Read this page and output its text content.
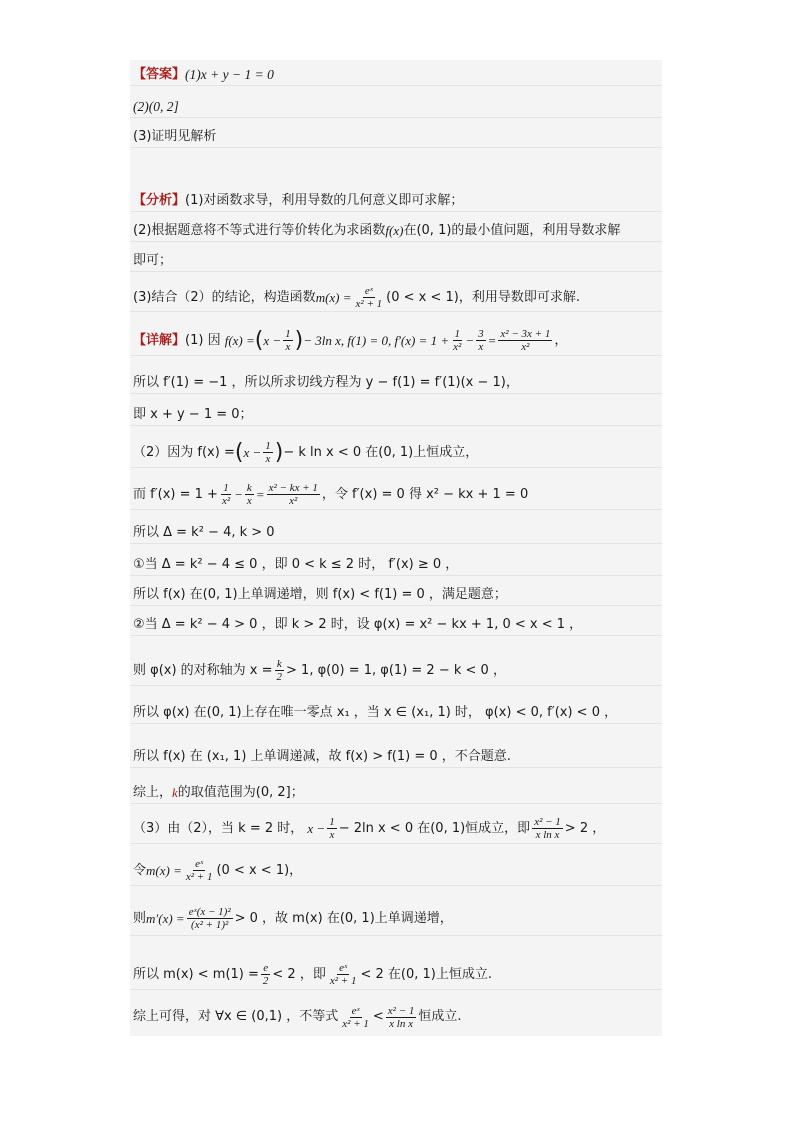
【答案】 (1)x + y − 1 = 0
(2)(0, 2]
(3)证明见解析
【分析】 (1)对函数求导，利用导数的几何意义即可求解；
(2)根据题意将不等式进行等价转化为求函数 f(x) 在(0, 1)的最小值问题，利用导数求解
即可；
(3)结合（2）的结论，构造函数 $m(x) = \frac{\text{eˣ}}{\text{x² + 1}} (0 < x < 1)$，利用导数即可求解.
【详解】 (1) 因
f(x) = ( $x - \frac{1}{x}$ ) − 3ln x, f(1) = 0, $f'(x) = 1 + \frac{1}{\text{x²}} - \frac{3}{x} = \frac{\text{x² − 3x + 1}}{\text{x²}}$ ，
所以 f′(1) = −1 ，所以所求切线方程为 y − f(1) = f′(1)(x − 1)，
即 x + y − 1 = 0；
（2）因为 f(x) = ( $x - \frac{1}{x}$ ) − k ln x < 0 在(0, 1)上恒成立，
而 $f'(x) = 1 + \frac{1}{\text{x²}} - \frac{k}{x} = \frac{\text{x² − kx + 1}}{\text{x²}}$ ，令 f′(x) = 0 得 x² − kx + 1 = 0
所以 Δ = k² − 4, k > 0
①当 Δ = k² − 4 ≤ 0 ，即 0 < k ≤ 2 时， f′(x) ≥ 0 ，
所以 f(x) 在(0, 1)上单调递增，则 f(x) < f(1) = 0 ，满足题意；
②当 Δ = k² − 4 > 0 ，即 k > 2 时，设 φ(x) = x² − kx + 1, 0 < x < 1 ，
则 φ(x) 的对称轴为 $x = \frac{k}{2} > 1$, φ(0) = 1, φ(1) = 2 − k < 0 ，
所以 φ(x) 在(0, 1)上存在唯一零点 x₁ ，当 x ∈ (x₁, 1) 时， φ(x) < 0, f′(x) < 0 ，
所以 f(x) 在 (x₁, 1) 上单调递减，故 f(x) > f(1) = 0 ，不合题意.
综上， k 的取值范围为(0, 2]；
（3）由（2），当 k = 2 时，
$x - \frac{1}{x} - 2\ln$ x < 0 在(0, 1)恒成立，即 $\frac{\text{x² − 1}}{\text{x ln x}} > 2$ ，
令 $m(x) = \frac{\text{eˣ}}{\text{x² + 1}} (0 < x < 1)$，
则 $m'(x) = \frac{\text{eˣ(x − 1)²}}{\text{(x² + 1)²}} > 0$ ，故 m(x) 在(0, 1)上单调递增，
所以 $m(x) < m(1) = \frac{e}{2} < 2$ ，即 $\frac{\text{eˣ}}{\text{x² + 1}} < 2$ 在(0, 1)上恒成立.
综上可得，对 ∀x ∈ (0,1) ，不等式 $\frac{\text{eˣ}}{\text{x² + 1}} < \frac{\text{x² − 1}}{\text{x ln x}}$ 恒成立.
